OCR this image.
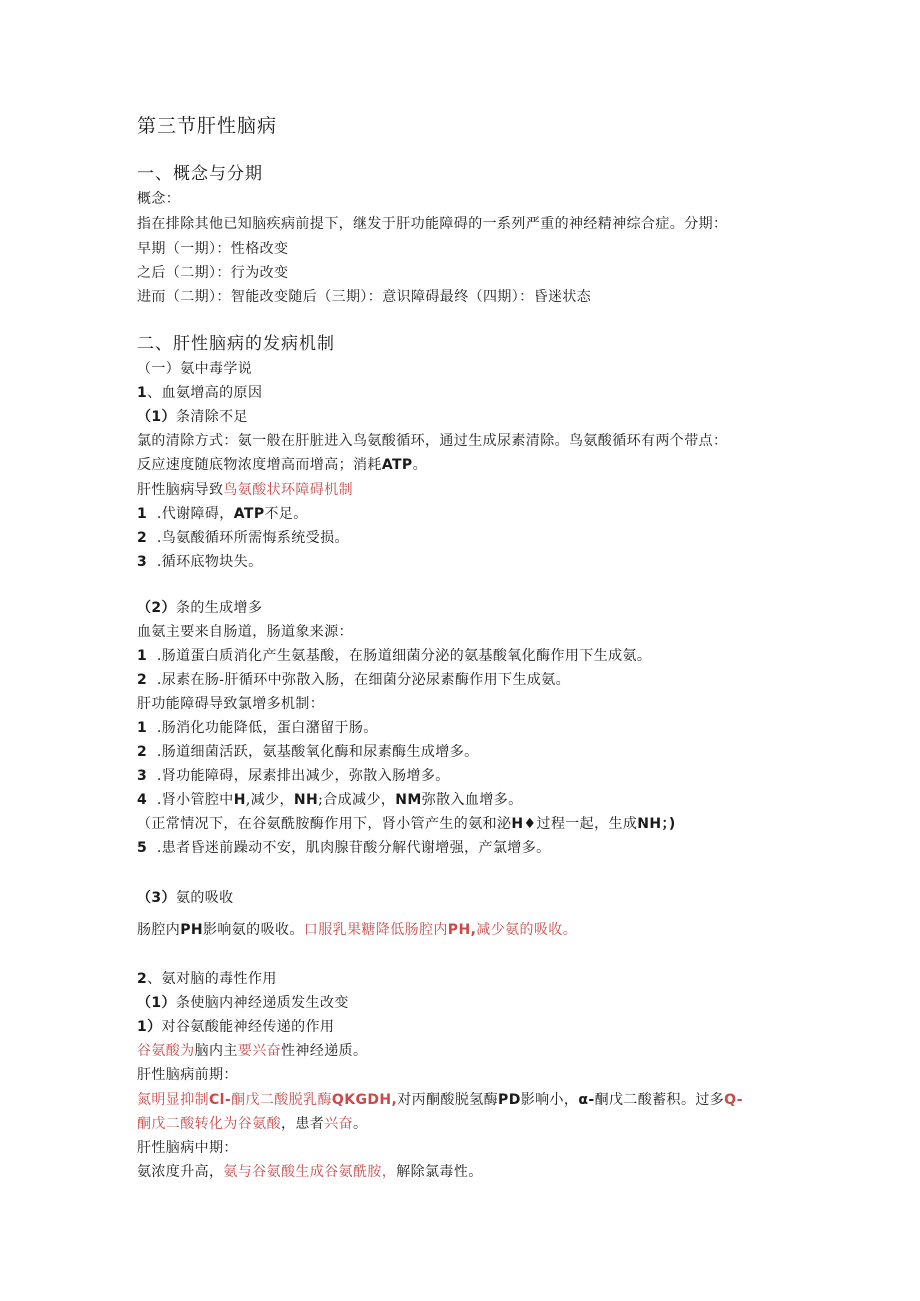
第三节肝性脑病
一、概念与分期
概念：
指在排除其他已知脑疾病前提下，继发于肝功能障碍的一系列严重的神经精神综合症。分期：
早期（一期）：性格改变
之后（二期）：行为改变
进而（二期）：智能改变随后（三期）：意识障碍最终（四期）：昏迷状态
二、肝性脑病的发病机制
（一）氨中毒学说
1、血氨增高的原因
（1）条清除不足
氯的清除方式：氨一般在肝脏进入鸟氨酸循环，通过生成尿素清除。鸟氨酸循环有两个带点：
反应速度随底物浓度增高而增高；消耗ATP。
肝性脑病导致鸟氨酸状环障碍机制
1 .代谢障碍，ATP不足。
2 .鸟氨酸循环所需悔系统受损。
3 .循环底物块失。
（2）条的生成增多
血氨主要来自肠道，肠道象来源：
1 .肠道蛋白质消化产生氨基酸，在肠道细菌分泌的氨基酸氧化酶作用下生成氨。
2 .尿素在肠-肝循环中弥散入肠，在细菌分泌尿素酶作用下生成氨。
肝功能障碍导致氯增多机制：
1 .肠消化功能降低，蛋白潴留于肠。
2 .肠道细菌活跃，氨基酸氧化酶和尿素酶生成增多。
3 .肾功能障碍，尿素排出减少，弥散入肠增多。
4 .肾小管腔中H,减少，NH;合成减少，NM弥散入血增多。
（正常情况下，在谷氨酰胺酶作用下，肾小管产生的氨和泌H♦过程一起，生成NH；)
5 .患者昏迷前躁动不安，肌肉腺苷酸分解代谢增强，产氯增多。
（3）氨的吸收
肠腔内PH影响氨的吸收。口服乳果糖降低肠腔内PH,减少氨的吸收。
2、氨对脑的毒性作用
（1）条使脑内神经递质发生改变
1）对谷氨酸能神经传递的作用
谷氨酸为脑内主要兴奋性神经递质。
肝性脑病前期：
氮明显抑制Cl-酮戊二酸脱乳酶QKGDH,对丙酮酸脱氢酶PD影响小，α-酮戊二酸蓄积。过多Q-
酮戊二酸转化为谷氨酸，患者兴奋。
肝性脑病中期：
氨浓度升高，氨与谷氨酸生成谷氨酰胺，解除氯毒性。
